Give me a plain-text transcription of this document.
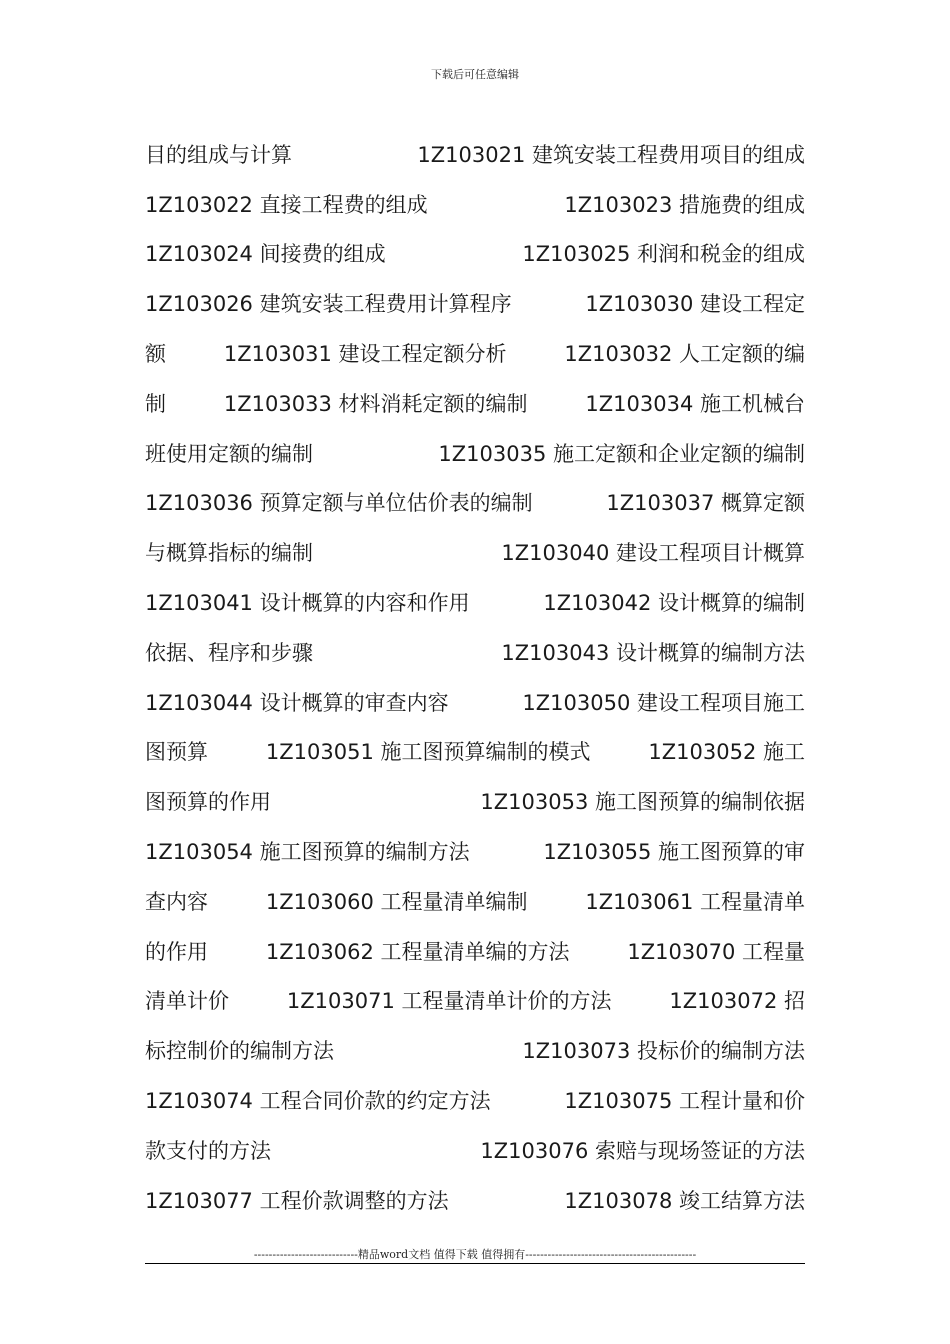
下载后可任意编辑
目的组成与计算	1Z103021 建筑安装工程费用项目的组成
1Z103022 直接工程费的组成	1Z103023 措施费的组成
1Z103024 间接费的组成	1Z103025 利润和税金的组成
1Z103026 建筑安装工程费用计算程序	1Z103030 建设工程定
额	1Z103031 建设工程定额分析	1Z103032 人工定额的编
制	1Z103033 材料消耗定额的编制	1Z103034 施工机械台
班使用定额的编制	1Z103035 施工定额和企业定额的编制
1Z103036 预算定额与单位估价表的编制	1Z103037 概算定额
与概算指标的编制	1Z103040 建设工程项目计概算
1Z103041 设计概算的内容和作用	1Z103042 设计概算的编制
依据、程序和步骤	1Z103043 设计概算的编制方法
1Z103044 设计概算的审查内容	1Z103050 建设工程项目施工
图预算	1Z103051 施工图预算编制的模式	1Z103052 施工
图预算的作用	1Z103053 施工图预算的编制依据
1Z103054 施工图预算的编制方法	1Z103055 施工图预算的审
查内容	1Z103060 工程量清单编制	1Z103061 工程量清单
的作用	1Z103062 工程量清单编的方法	1Z103070 工程量
清单计价	1Z103071 工程量清单计价的方法	1Z103072 招
标控制价的编制方法	1Z103073 投标价的编制方法
1Z103074 工程合同价款的约定方法	1Z103075 工程计量和价
款支付的方法	1Z103076 索赔与现场签证的方法
1Z103077 工程价款调整的方法	1Z103078 竣工结算方法
----------------------------精品word文档 值得下载 值得拥有----------------------------------------------
